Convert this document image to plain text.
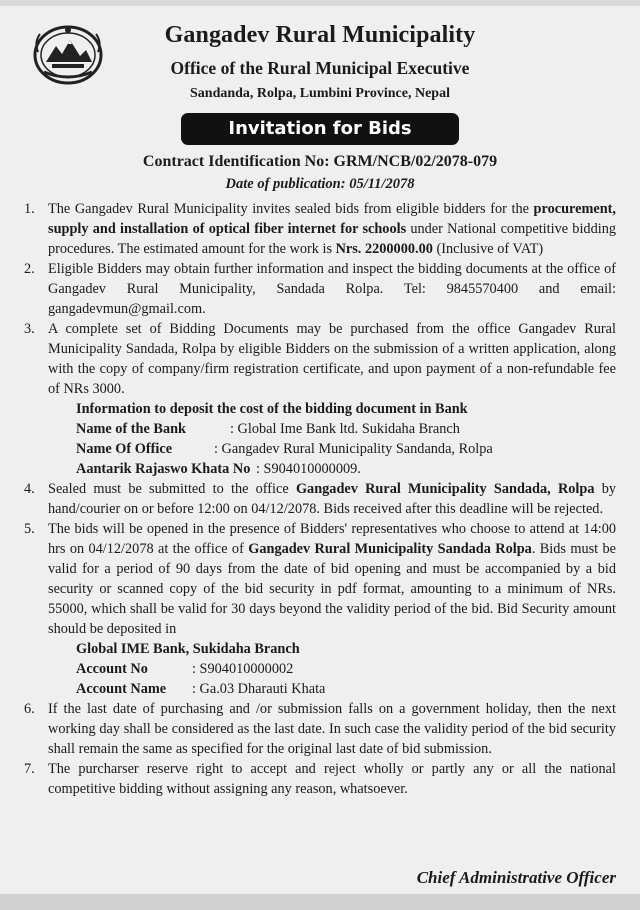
Gangadev Rural Municipality
Office of the Rural Municipal Executive
Sandanda, Rolpa, Lumbini Province, Nepal
Invitation for Bids
Contract Identification No: GRM/NCB/02/2078-079
Date of publication: 05/11/2078
1. The Gangadev Rural Municipality invites sealed bids from eligible bidders for the procurement, supply and installation of optical fiber internet for schools under National competitive bidding procedures. The estimated amount for the work is Nrs. 2200000.00 (Inclusive of VAT)
2. Eligible Bidders may obtain further information and inspect the bidding documents at the office of Gangadev Rural Municipality, Sandada Rolpa. Tel: 9845570400 and email: gangadevmun@gmail.com.
3. A complete set of Bidding Documents may be purchased from the office Gangadev Rural Municipality Sandada, Rolpa by eligible Bidders on the submission of a written application, along with the copy of company/firm registration certificate, and upon payment of a non-refundable fee of NRs 3000.
Information to deposit the cost of the bidding document in Bank
Name of the Bank	: Global Ime Bank ltd. Sukidaha Branch
Name Of Office	: Gangadev Rural Municipality Sandanda, Rolpa
Aantarik Rajaswo Khata No : S904010000009.
4. Sealed must be submitted to the office Gangadev Rural Municipality Sandada, Rolpa by hand/courier on or before 12:00 on 04/12/2078. Bids received after this deadline will be rejected.
5. The bids will be opened in the presence of Bidders' representatives who choose to attend at 14:00 hrs on 04/12/2078 at the office of Gangadev Rural Municipality Sandada Rolpa. Bids must be valid for a period of 90 days from the date of bid opening and must be accompanied by a bid security or scanned copy of the bid security in pdf format, amounting to a minimum of NRs. 55000, which shall be valid for 30 days beyond the validity period of the bid. Bid Security amount should be deposited in
Global IME Bank, Sukidaha Branch
Account No	: S904010000002
Account Name	: Ga.03 Dharauti Khata
6. If the last date of purchasing and /or submission falls on a government holiday, then the next working day shall be considered as the last date. In such case the validity period of the bid security shall remain the same as specified for the original last date of bid submission.
7. The purcharser reserve right to accept and reject wholly or partly any or all the national competitive bidding without assigning any reason, whatsoever.
Chief Administrative Officer
